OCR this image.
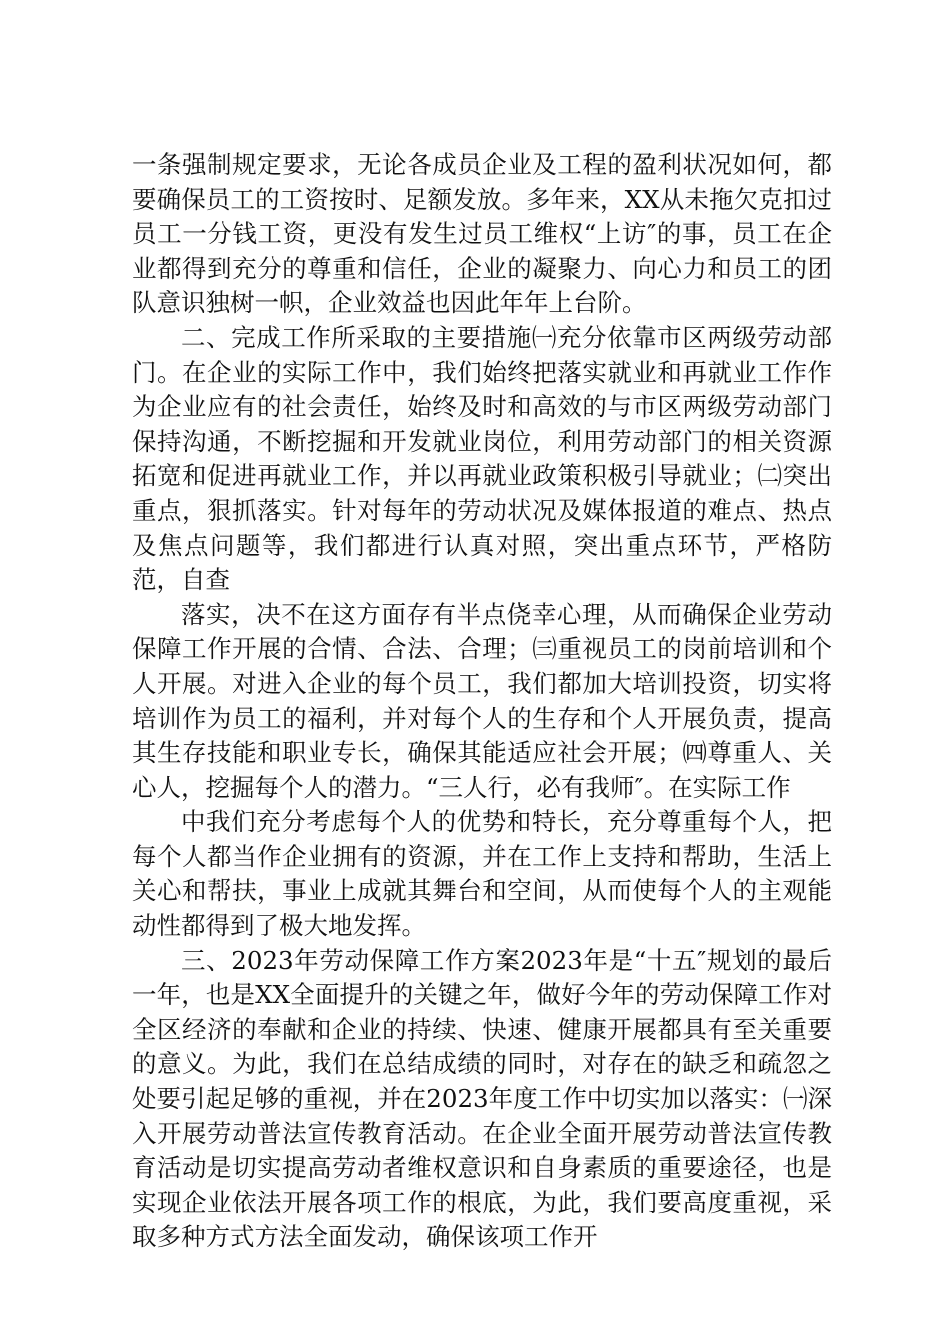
一条强制规定要求，无论各成员企业及工程的盈利状况如何，都要确保员工的工资按时、足额发放。多年来，XX从未拖欠克扣过员工一分钱工资，更没有发生过员工维权“上访″的事，员工在企业都得到充分的尊重和信任，企业的凝聚力、向心力和员工的团队意识独树一帜，企业效益也因此年年上台阶。

二、完成工作所采取的主要措施㈠充分依靠市区两级劳动部门。在企业的实际工作中，我们始终把落实就业和再就业工作作为企业应有的社会责任，始终及时和高效的与市区两级劳动部门保持沟通，不断挖掘和开发就业岗位，利用劳动部门的相关资源拓宽和促进再就业工作，并以再就业政策积极引导就业；㈡突出重点，狠抓落实。针对每年的劳动状况及媒体报道的难点、热点及焦点问题等，我们都进行认真对照，突出重点环节，严格防范，自查

落实，决不在这方面存有半点侥幸心理，从而确保企业劳动保障工作开展的合情、合法、合理；㈢重视员工的岗前培训和个人开展。对进入企业的每个员工，我们都加大培训投资，切实将培训作为员工的福利，并对每个人的生存和个人开展负责，提高其生存技能和职业专长，确保其能适应社会开展；㈣尊重人、关心人，挖掘每个人的潜力。“三人行，必有我师″。在实际工作

中我们充分考虑每个人的优势和特长，充分尊重每个人，把每个人都当作企业拥有的资源，并在工作上支持和帮助，生活上关心和帮扶，事业上成就其舞台和空间，从而使每个人的主观能动性都得到了极大地发挥。

三、2023年劳动保障工作方案2023年是“十五″规划的最后一年，也是XX全面提升的关键之年，做好今年的劳动保障工作对全区经济的奉献和企业的持续、快速、健康开展都具有至关重要的意义。为此，我们在总结成绩的同时，对存在的缺乏和疏忽之处要引起足够的重视，并在2023年度工作中切实加以落实：㈠深入开展劳动普法宣传教育活动。在企业全面开展劳动普法宣传教育活动是切实提高劳动者维权意识和自身素质的重要途径，也是实现企业依法开展各项工作的根底，为此，我们要高度重视，采取多种方式方法全面发动，确保该项工作开
